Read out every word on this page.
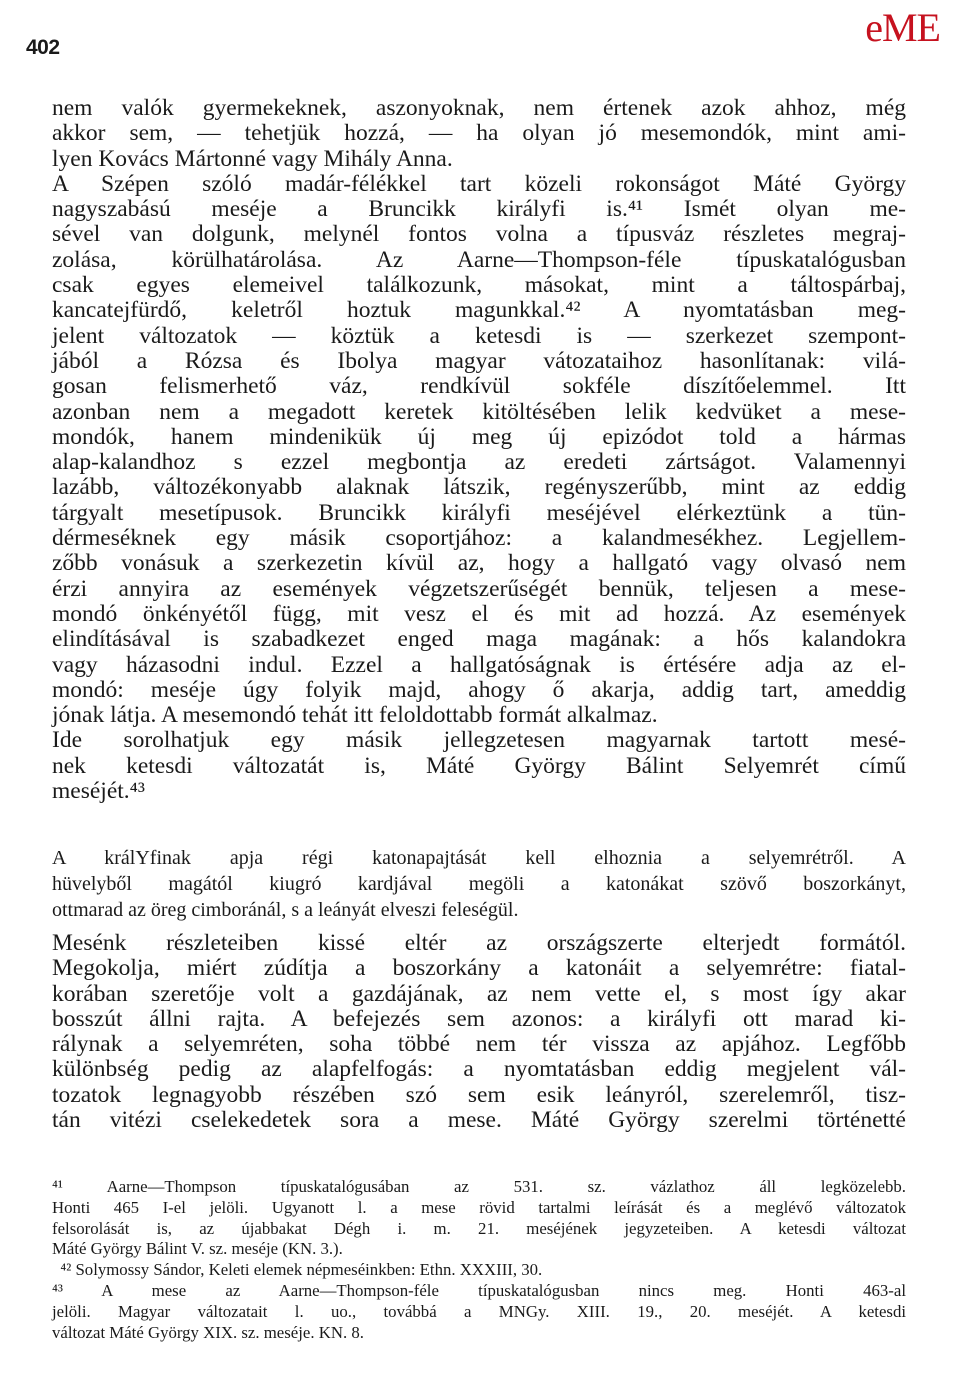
402	eME
nem valók gyermekeknek, aszonyoknak, nem értenek azok ahhoz, még
akkor sem, — tehetjük hozzá, — ha olyan jó mesemondók, mint ami-
lyen Kovács Mártonné vagy Mihály Anna.
A Szépen szóló madár-félékkel tart közeli rokonságot Máté György
nagyszabású meséje a Bruncikk királyfi is.⁴¹ Ismét olyan me-
sével van dolgunk, melynél fontos volna a típusváz részletes megraj-
zolása, körülhatárolása. Az Aarne—Thompson-féle típuskatalógusban
csak egyes elemeivel találkozunk, másokat, mint a táltospárbaj,
kancatejfürdő, keletről hoztuk magunkkal.⁴² A nyomtatásban meg-
jelent változatok — köztük a ketesdi is — szerkezet szempont-
jából a Rózsa és Ibolya magyar vátozataihoz hasonlítanak: vilá-
gosan felismerhető váz, rendkívül sokféle díszítőelemmel. Itt
azonban nem a megadott keretek kitöltésében lelik kedvüket a mese-
mondók, hanem mindenikük új meg új epizódot told a hármas
alap-kalandhoz s ezzel megbontja az eredeti zártságot. Valamennyi
lazább, változékonyabb alaknak látszik, regényszerűbb, mint az eddig
tárgyalt mesetípusok. Bruncikk királyfi meséjével elérkeztünk a tün-
dérmeséknek egy másik csoportjához: a kalandmesékhez. Legjellem-
zőbb vonásuk a szerkezetin kívül az, hogy a hallgató vagy olvasó nem
érzi annyira az események végzetszerűségét bennük, teljesen a mese-
mondó önkényétől függ, mit vesz el és mit ad hozzá. Az események
elindításával is szabadkezet enged maga magának: a hős kalandokra
vagy házasodni indul. Ezzel a hallgatóságnak is értésére adja az el-
mondó: meséje úgy folyik majd, ahogy ő akarja, addig tart, ameddig
jónak látja. A mesemondó tehát itt feloldottabb formát alkalmaz.
Ide sorolhatjuk egy másik jellegzetesen magyarnak tartott mesé-
nek ketesdi változatát is, Máté György Bálint Selyemrét című
meséjét.⁴³
A králYfinak apja régi katonapajtását kell elhoznia a selyemrétről. A
hüvelyből magától kiugró kardjával megöli a katonákat szövő boszorkányt,
ottmarad az öreg cimboránál, s a leányát elveszi feleségül.
Mesénk részleteiben kissé eltér az országszerte elterjedt formától.
Megokolja, miért zúdítja a boszorkány a katonáit a selyemrétre: fiatal-
korában szeretője volt a gazdájának, az nem vette el, s most így akar
bosszút állni rajta. A befejezés sem azonos: a királyfi ott marad ki-
rálynak a selyemréten, soha többé nem tér vissza az apjához. Legfőbb
különbség pedig az alapfelfogás: a nyomtatásban eddig megjelent vál-
tozatok legnagyobb részében szó sem esik leányról, szerelemről, tisz-
tán vitézi cselekedetek sora a mese. Máté György szerelmi történetté
⁴¹ Aarne—Thompson típuskatalógusában az 531. sz. vázlathoz áll legközelebb.
Honti 465 I-el jelöli. Ugyanott l. a mese rövid tartalmi leírását és a meglévő változatok
felsorolását is, az újabbakat Dégh i. m. 21. meséjének jegyzeteiben. A ketesdi változat
Máté György Bálint V. sz. meséje (KN. 3.).
⁴² Solymossy Sándor, Keleti elemek népmeséinkben: Ethn. XXXIII, 30.
⁴³ A mese az Aarne—Thompson-féle típuskatalógusban nincs meg. Honti 463-al
jelöli. Magyar változatait l. uo., továbbá a MNGy. XIII. 19., 20. meséjét. A ketesdi
változat Máté György XIX. sz. meséje. KN. 8.
